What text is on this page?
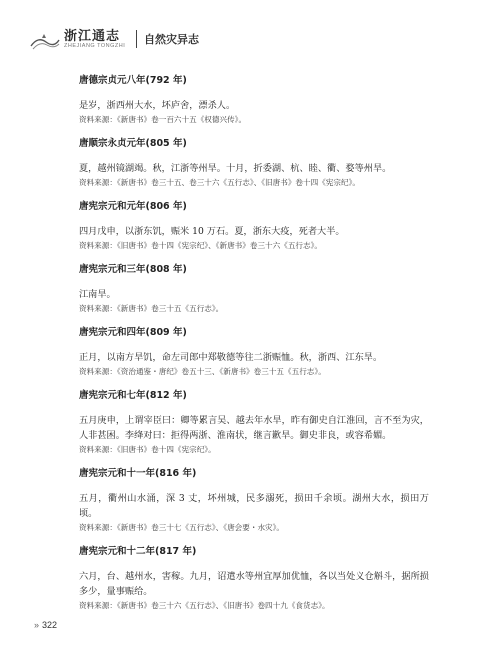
浙江通志
ZHEJIANG TONGZHI 自然灾异志

唐德宗贞元八年(792 年)

是岁，浙西州大水，坏庐舍，漂杀人。

资料来源：《新唐书》卷一百六十五《权德兴传》。

唐顺宗永贞元年(805 年)

夏，越州镜湖竭。秋，江浙等州旱。十月，折委湖、杭、睦、衢、婺等州旱。

资料来源：《新唐书》卷三十五、卷三十六《五行志》、《旧唐书》卷十四《宪宗纪》。

唐宪宗元和元年(806 年)

四月戊申，以浙东饥，赈米 10 万石。夏，浙东大疫，死者大半。

资料来源：《旧唐书》卷十四《宪宗纪》、《新唐书》卷三十六《五行志》。

唐宪宗元和三年(808 年)

江南旱。

资料来源：《新唐书》卷三十五《五行志》。

唐宪宗元和四年(809 年)

正月，以南方旱饥，命左司郎中郑敬德等往二浙赈恤。秋，浙西、江东旱。

资料来源：《资治通鉴・唐纪》卷五十三、《新唐书》卷三十五《五行志》。

唐宪宗元和七年(812 年)

五月庚申，上谓宰臣曰：卿等累言吴、越去年水旱，昨有御史自江淮回，言不至为灾，人非甚困。李绛对曰：拒得两浙、淮南状，继言歉旱。御史非良，或容希媚。

资料来源：《旧唐书》卷十四《宪宗纪》。

唐宪宗元和十一年(816 年)

五月，衢州山水涌，深 3 丈，坏州城，民多溺死，损田千余顷。湖州大水，损田万顷。

资料来源：《新唐书》卷三十七《五行志》、《唐会要・水灾》。

唐宪宗元和十二年(817 年)

六月，台、越州水，害稼。九月，诏遣水等州宜厚加优恤，各以当处义仓斛斗，据所损多少，量事赈给。

资料来源：《新唐书》卷三十六《五行志》、《旧唐书》卷四十九《食货志》。

» 322
